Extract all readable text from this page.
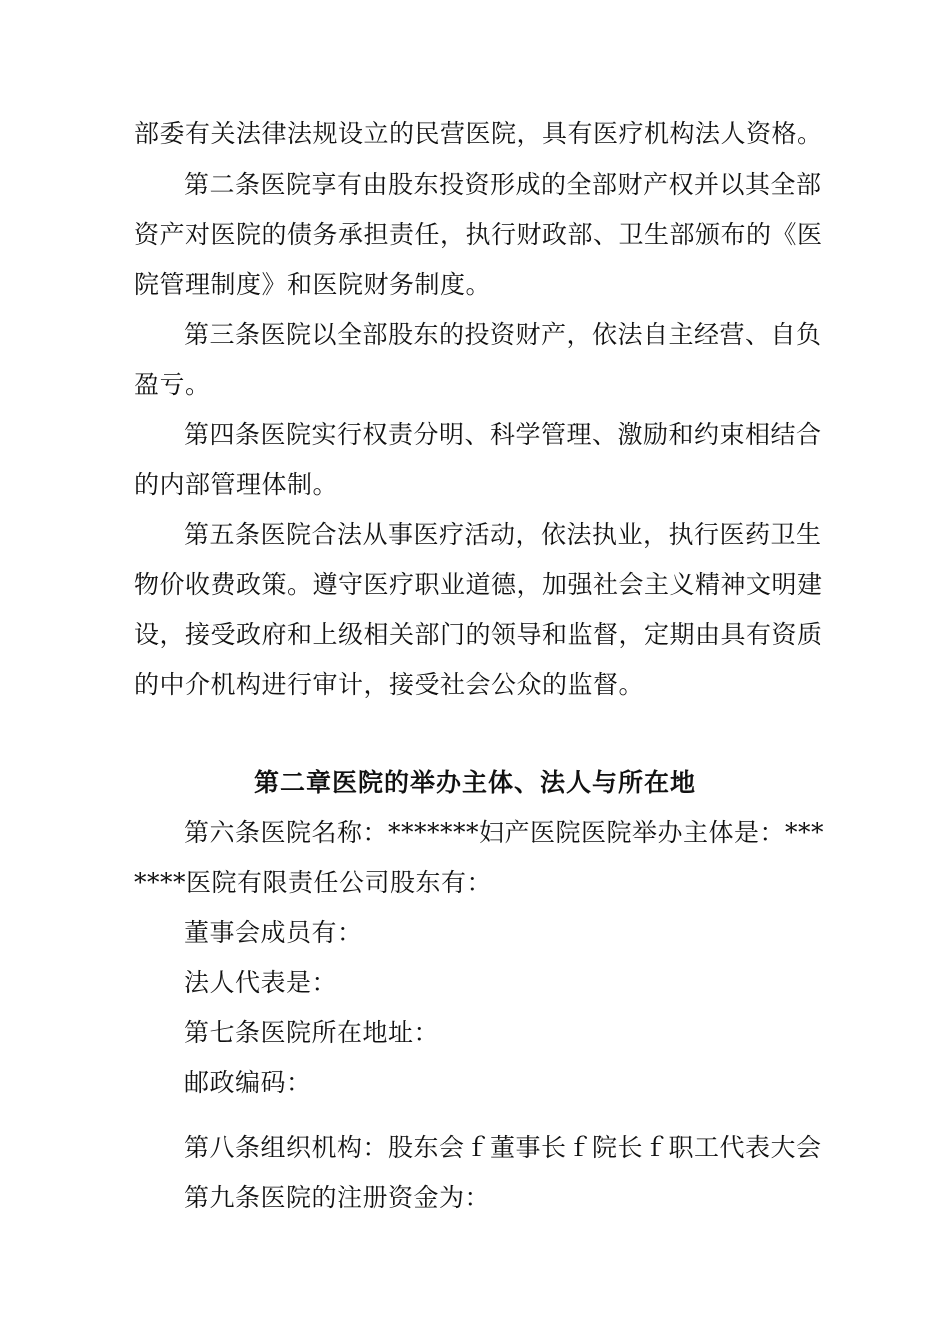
部委有关法律法规设立的民营医院，具有医疗机构法人资格。
第二条医院享有由股东投资形成的全部财产权并以其全部
资产对医院的债务承担责任，执行财政部、卫生部颁布的《医
院管理制度》和医院财务制度。
第三条医院以全部股东的投资财产，依法自主经营、自负
盈亏。
第四条医院实行权责分明、科学管理、激励和约束相结合
的内部管理体制。
第五条医院合法从事医疗活动，依法执业，执行医药卫生
物价收费政策。遵守医疗职业道德，加强社会主义精神文明建
设，接受政府和上级相关部门的领导和监督，定期由具有资质
的中介机构进行审计，接受社会公众的监督。
第二章医院的举办主体、法人与所在地
第六条医院名称：*******妇产医院医院举办主体是：***
****医院有限责任公司股东有：
董事会成员有：
法人代表是：
第七条医院所在地址：
邮政编码：
第八条组织机构：股东会ｆ董事长ｆ院长ｆ职工代表大会
第九条医院的注册资金为：
